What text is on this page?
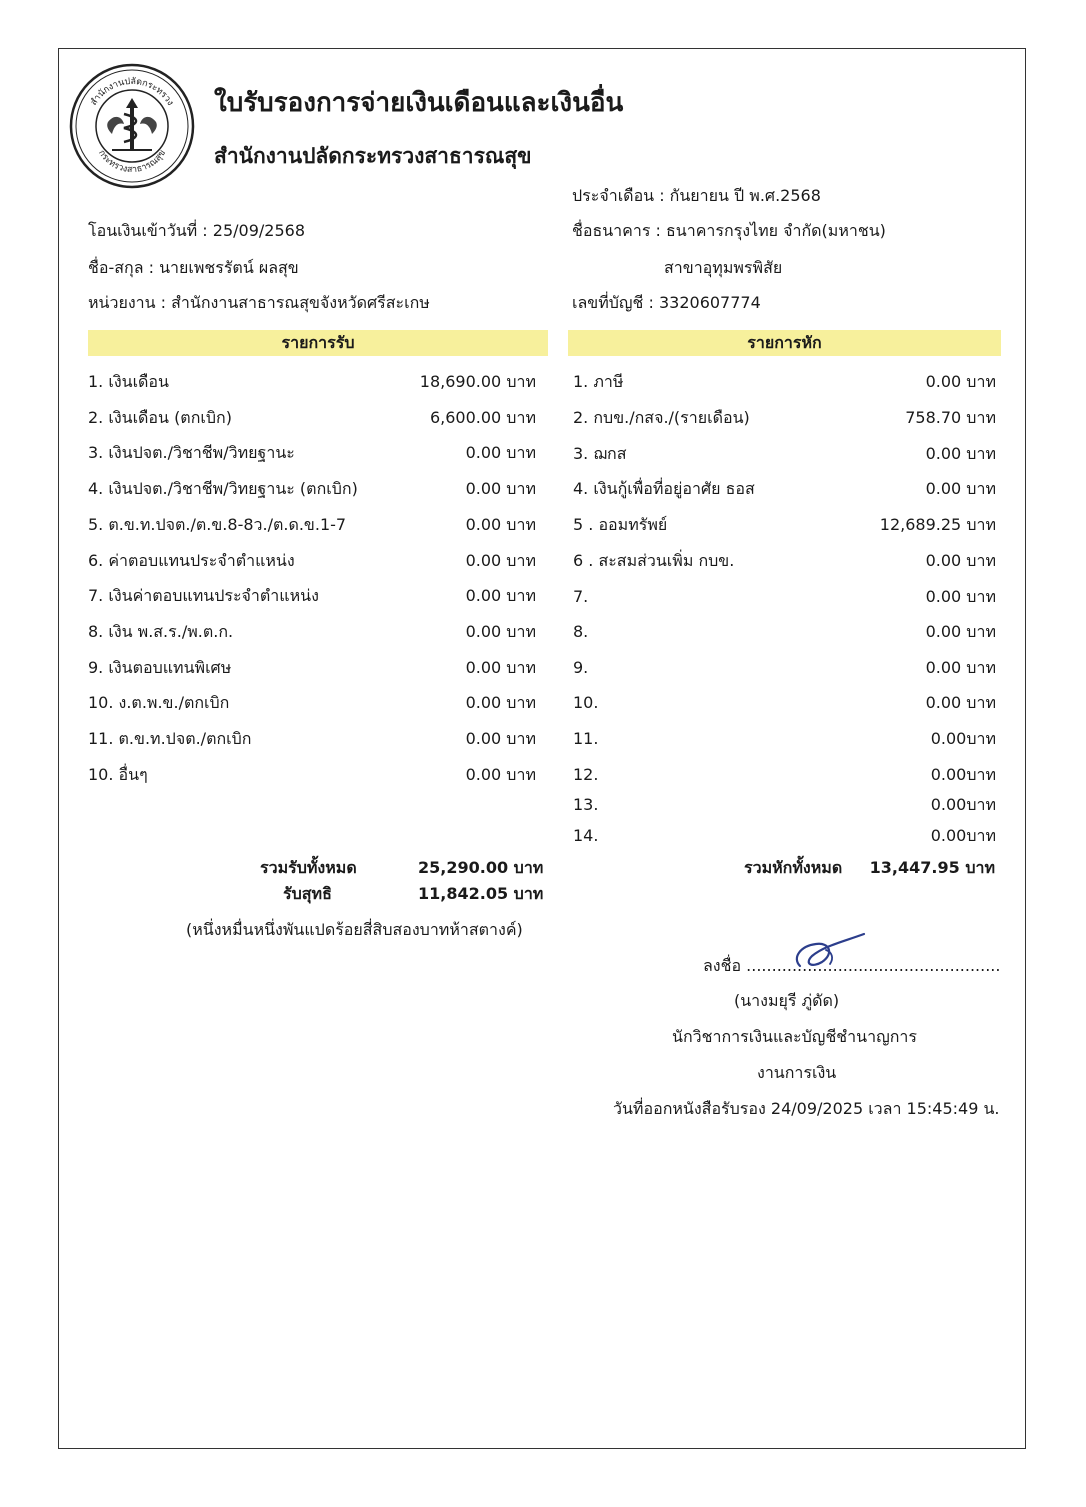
สำนักงานปลัดกระทรวง
กระทรวงสาธารณสุข
ใบรับรองการจ่ายเงินเดือนและเงินอื่น
สำนักงานปลัดกระทรวงสาธารณสุข
ประจำเดือน : กันยายน ปี พ.ศ.2568
โอนเงินเข้าวันที่ : 25/09/2568	ชื่อธนาคาร : ธนาคารกรุงไทย จำกัด(มหาชน)
ชื่อ-สกุล : นายเพชรรัตน์ ผลสุข	สาขาอุทุมพรพิสัย
หน่วยงาน : สำนักงานสาธารณสุขจังหวัดศรีสะเกษ	เลขที่บัญชี : 3320607774
รายการรับ	รายการหัก
1. เงินเดือน	18,690.00 บาท
2. เงินเดือน (ตกเบิก)	6,600.00 บาท
3. เงินปจต./วิชาชีพ/วิทยฐานะ	0.00 บาท
4. เงินปจต./วิชาชีพ/วิทยฐานะ (ตกเบิก)	0.00 บาท
5. ต.ข.ท.ปจต./ต.ข.8-8ว./ต.ด.ข.1-7	0.00 บาท
6. ค่าตอบแทนประจำตำแหน่ง	0.00 บาท
7. เงินค่าตอบแทนประจำตำแหน่ง	0.00 บาท
8. เงิน พ.ส.ร./พ.ต.ก.	0.00 บาท
9. เงินตอบแทนพิเศษ	0.00 บาท
10. ง.ต.พ.ข./ตกเบิก	0.00 บาท
11. ต.ข.ท.ปจต./ตกเบิก	0.00 บาท
10. อื่นๆ	0.00 บาท
1. ภาษี	0.00 บาท
2. กบข./กสจ./(รายเดือน)	758.70 บาท
3. ฌกส	0.00 บาท
4. เงินกู้เพื่อที่อยู่อาศัย ธอส	0.00 บาท
5 . ออมทรัพย์	12,689.25 บาท
6 . สะสมส่วนเพิ่ม กบข.	0.00 บาท
7.	0.00 บาท
8.	0.00 บาท
9.	0.00 บาท
10.	0.00 บาท
11.	0.00บาท
12.	0.00บาท
13.	0.00บาท
14.	0.00บาท
รวมรับทั้งหมด	25,290.00 บาท
รับสุทธิ	11,842.05 บาท
(หนึ่งหมื่นหนึ่งพันแปดร้อยสี่สิบสองบาทห้าสตางค์)
รวมหักทั้งหมด 13,447.95 บาท
ลงชื่อ ..................................................
(นางมยุรี ภู่ดัด)
นักวิชาการเงินและบัญชีชำนาญการ
งานการเงิน
วันที่ออกหนังสือรับรอง 24/09/2025 เวลา 15:45:49 น.
